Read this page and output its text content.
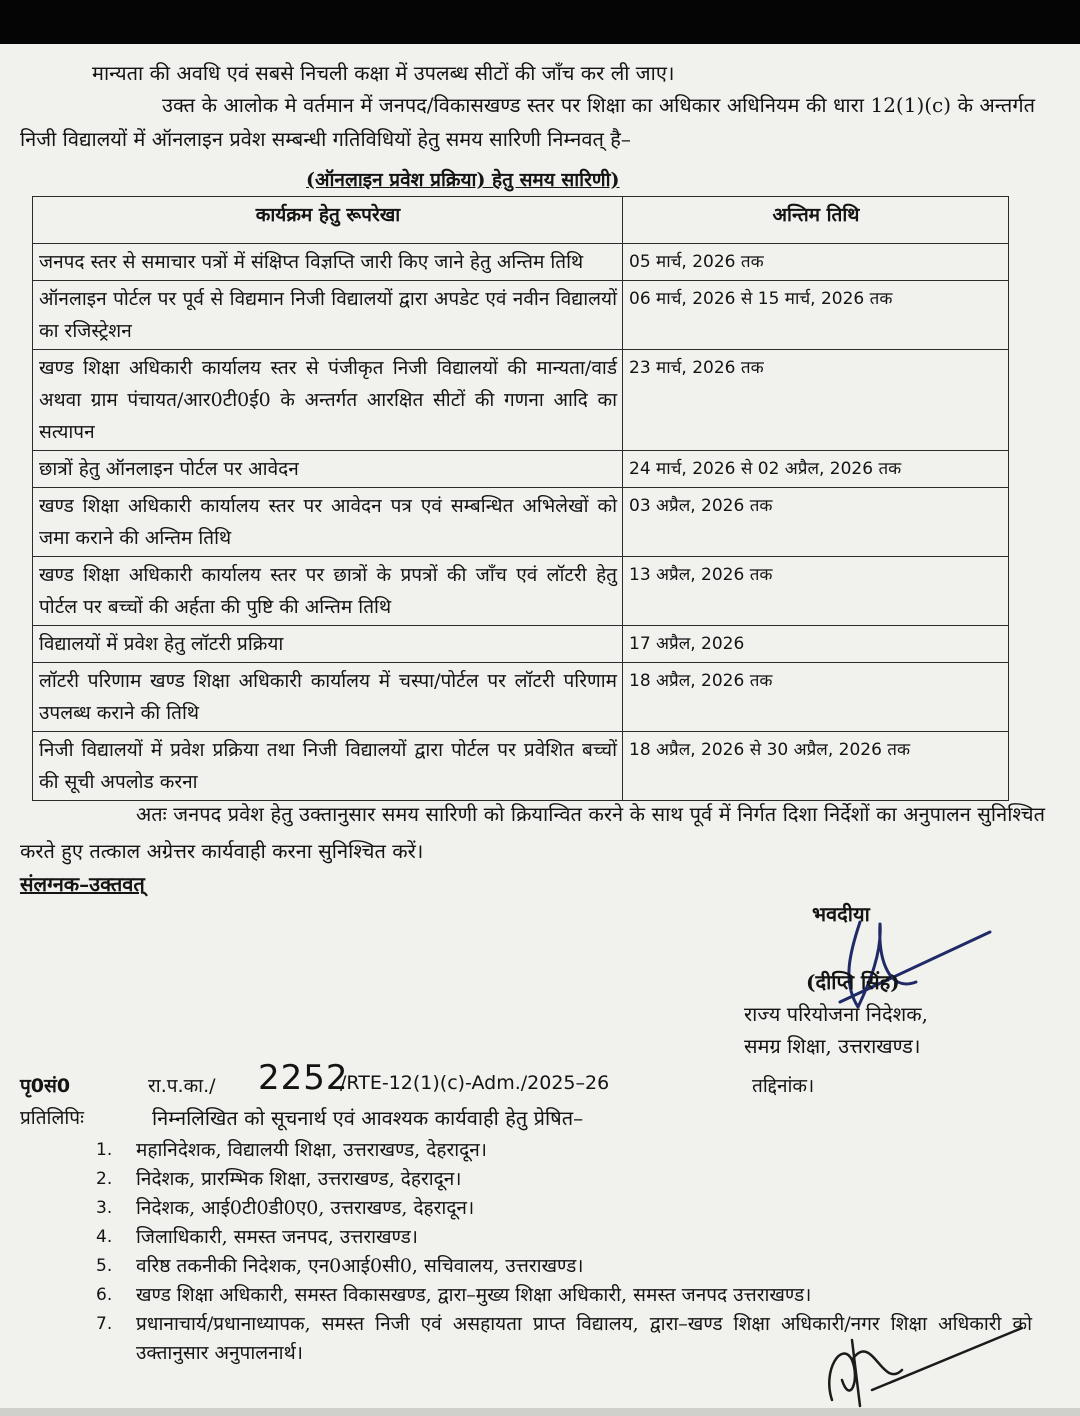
मान्यता की अवधि एवं सबसे निचली कक्षा में उपलब्ध सीटों की जाँच कर ली जाए।

उक्त के आलोक मे वर्तमान में जनपद/विकासखण्ड स्तर पर शिक्षा का अधिकार अधिनियम की धारा 12(1)(c) के अन्तर्गत निजी विद्यालयों में ऑनलाइन प्रवेश सम्बन्धी गतिविधियों हेतु समय सारिणी निम्नवत् है–

(ऑनलाइन प्रवेश प्रक्रिया) हेतु समय सारिणी)

कार्यक्रम हेतु रूपरेखा	अन्तिम तिथि
जनपद स्तर से समाचार पत्रों में संक्षिप्त विज्ञप्ति जारी किए जाने हेतु अन्तिम तिथि	05 मार्च, 2026 तक
ऑनलाइन पोर्टल पर पूर्व से विद्यमान निजी विद्यालयों द्वारा अपडेट एवं नवीन विद्यालयों का रजिस्ट्रेशन	06 मार्च, 2026 से 15 मार्च, 2026 तक
खण्ड शिक्षा अधिकारी कार्यालय स्तर से पंजीकृत निजी विद्यालयों की मान्यता/वार्ड अथवा ग्राम पंचायत/आर0टी0ई0 के अन्तर्गत आरक्षित सीटों की गणना आदि का सत्यापन	23 मार्च, 2026 तक
छात्रों हेतु ऑनलाइन पोर्टल पर आवेदन	24 मार्च, 2026 से 02 अप्रैल, 2026 तक
खण्ड शिक्षा अधिकारी कार्यालय स्तर पर आवेदन पत्र एवं सम्बन्धित अभिलेखों को जमा कराने की अन्तिम तिथि	03 अप्रैल, 2026 तक
खण्ड शिक्षा अधिकारी कार्यालय स्तर पर छात्रों के प्रपत्रों की जाँच एवं लॉटरी हेतु पोर्टल पर बच्चों की अर्हता की पुष्टि की अन्तिम तिथि	13 अप्रैल, 2026 तक
विद्यालयों में प्रवेश हेतु लॉटरी प्रक्रिया	17 अप्रैल, 2026
लॉटरी परिणाम खण्ड शिक्षा अधिकारी कार्यालय में चस्पा/पोर्टल पर लॉटरी परिणाम उपलब्ध कराने की तिथि	18 अप्रैल, 2026 तक
निजी विद्यालयों में प्रवेश प्रक्रिया तथा निजी विद्यालयों द्वारा पोर्टल पर प्रवेशित बच्चों की सूची अपलोड करना	18 अप्रैल, 2026 से 30 अप्रैल, 2026 तक

अतः जनपद प्रवेश हेतु उक्तानुसार समय सारिणी को क्रियान्वित करने के साथ पूर्व में निर्गत दिशा निर्देशों का अनुपालन सुनिश्चित करते हुए तत्काल अग्रेत्तर कार्यवाही करना सुनिश्चित करें।

संलग्नक–उक्तवत्

भवदीया
(दीप्ति सिंह)
राज्य परियोजना निदेशक,
समग्र शिक्षा, उत्तराखण्ड।
पृ0सं0	रा.प.का./ 2252
/RTE-12(1)(c)-Adm./2025–26	तद्दिनांक।
प्रतिलिपिः	निम्नलिखित को सूचनार्थ एवं आवश्यक कार्यवाही हेतु प्रेषित–
1.	महानिदेशक, विद्यालयी शिक्षा, उत्तराखण्ड, देहरादून।
2.	निदेशक, प्रारम्भिक शिक्षा, उत्तराखण्ड, देहरादून।
3.	निदेशक, आई0टी0डी0ए0, उत्तराखण्ड, देहरादून।
4.	जिलाधिकारी, समस्त जनपद, उत्तराखण्ड।
5.	वरिष्ठ तकनीकी निदेशक, एन0आई0सी0, सचिवालय, उत्तराखण्ड।
6.	खण्ड शिक्षा अधिकारी, समस्त विकासखण्ड, द्वारा–मुख्य शिक्षा अधिकारी, समस्त जनपद उत्तराखण्ड।
7.	प्रधानाचार्य/प्रधानाध्यापक, समस्त निजी एवं असहायता प्राप्त विद्यालय, द्वारा–खण्ड शिक्षा अधिकारी/नगर शिक्षा अधिकारी को उक्तानुसार अनुपालनार्थ।
